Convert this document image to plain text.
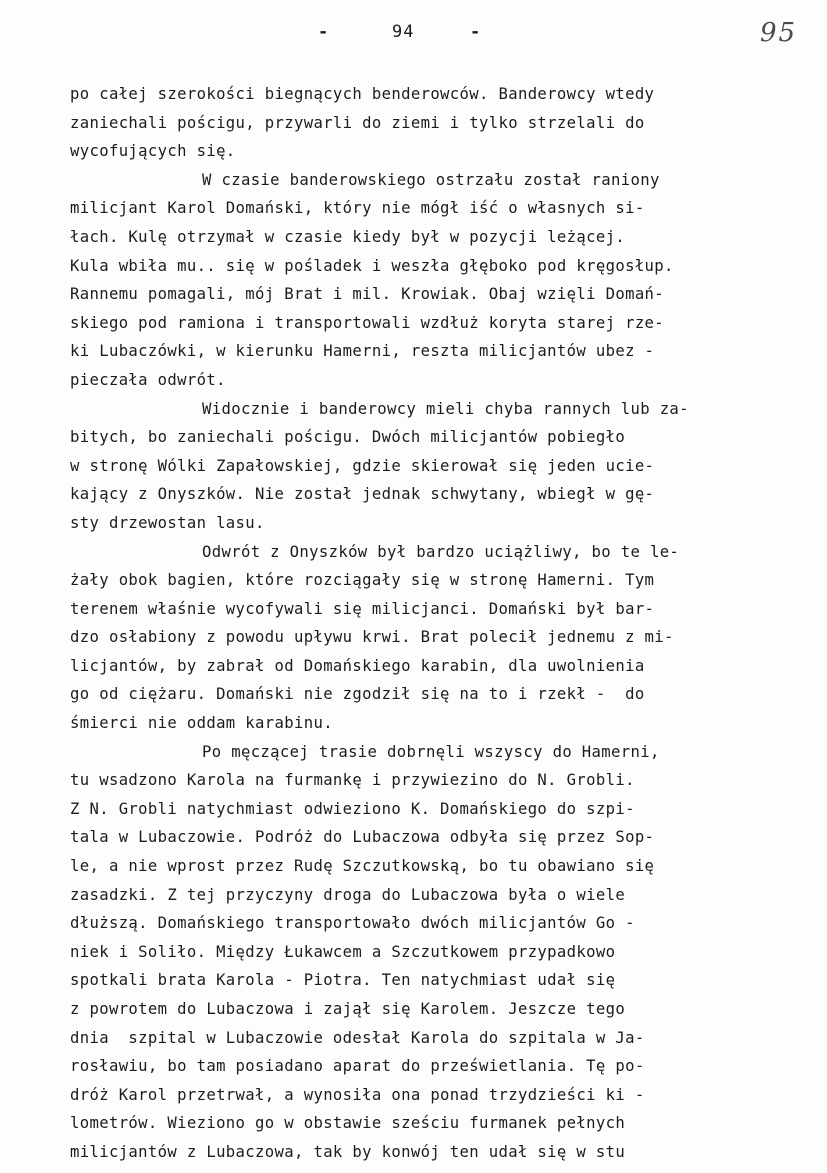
-	94	-	95
po całej szerokości biegnących benderowców. Banderowcy wtedy
zaniechali pościgu, przywarli do ziemi i tylko strzelali do
wycofujących się.
W czasie banderowskiego ostrzału został raniony
milicjant Karol Domański, który nie mógł iść o własnych si-
łach. Kulę otrzymał w czasie kiedy był w pozycji leżącej.
Kula wbiła mu.. się w pośladek i weszła głęboko pod kręgosłup.
Rannemu pomagali, mój Brat i mil. Krowiak. Obaj wzięli Domań-
skiego pod ramiona i transportowali wzdłuż koryta starej rze-
ki Lubaczówki, w kierunku Hamerni, reszta milicjantów ubez -
pieczała odwrót.
Widocznie i banderowcy mieli chyba rannych lub za-
bitych, bo zaniechali pościgu. Dwóch milicjantów pobiegło
w stronę Wólki Zapałowskiej, gdzie skierował się jeden ucie-
kający z Onyszków. Nie został jednak schwytany, wbiegł w gę-
sty drzewostan lasu.
Odwrót z Onyszków był bardzo uciążliwy, bo te le-
żały obok bagien, które rozciągały się w stronę Hamerni. Tym
terenem właśnie wycofywali się milicjanci. Domański był bar-
dzo osłabiony z powodu upływu krwi. Brat polecił jednemu z mi-
licjantów, by zabrał od Domańskiego karabin, dla uwolnienia
go od ciężaru. Domański nie zgodził się na to i rzekł -  do
śmierci nie oddam karabinu.
Po męczącej trasie dobrnęli wszyscy do Hamerni,
tu wsadzono Karola na furmankę i przywiezino do N. Grobli.
Z N. Grobli natychmiast odwieziono K. Domańskiego do szpi-
tala w Lubaczowie. Podróż do Lubaczowa odbyła się przez Sop-
le, a nie wprost przez Rudę Szczutkowską, bo tu obawiano się
zasadzki. Z tej przyczyny droga do Lubaczowa była o wiele
dłuższą. Domańskiego transportowało dwóch milicjantów Go -
niek i Soliło. Między Łukawcem a Szczutkowem przypadkowo
spotkali brata Karola - Piotra. Ten natychmiast udał się
z powrotem do Lubaczowa i zajął się Karolem. Jeszcze tego
dnia  szpital w Lubaczowie odesłał Karola do szpitala w Ja-
rosławiu, bo tam posiadano aparat do prześwietlania. Tę po-
dróż Karol przetrwał, a wynosiła ona ponad trzydzieści ki -
lometrów. Wieziono go w obstawie sześciu furmanek pełnych
milicjantów z Lubaczowa, tak by konwój ten udał się w stu
